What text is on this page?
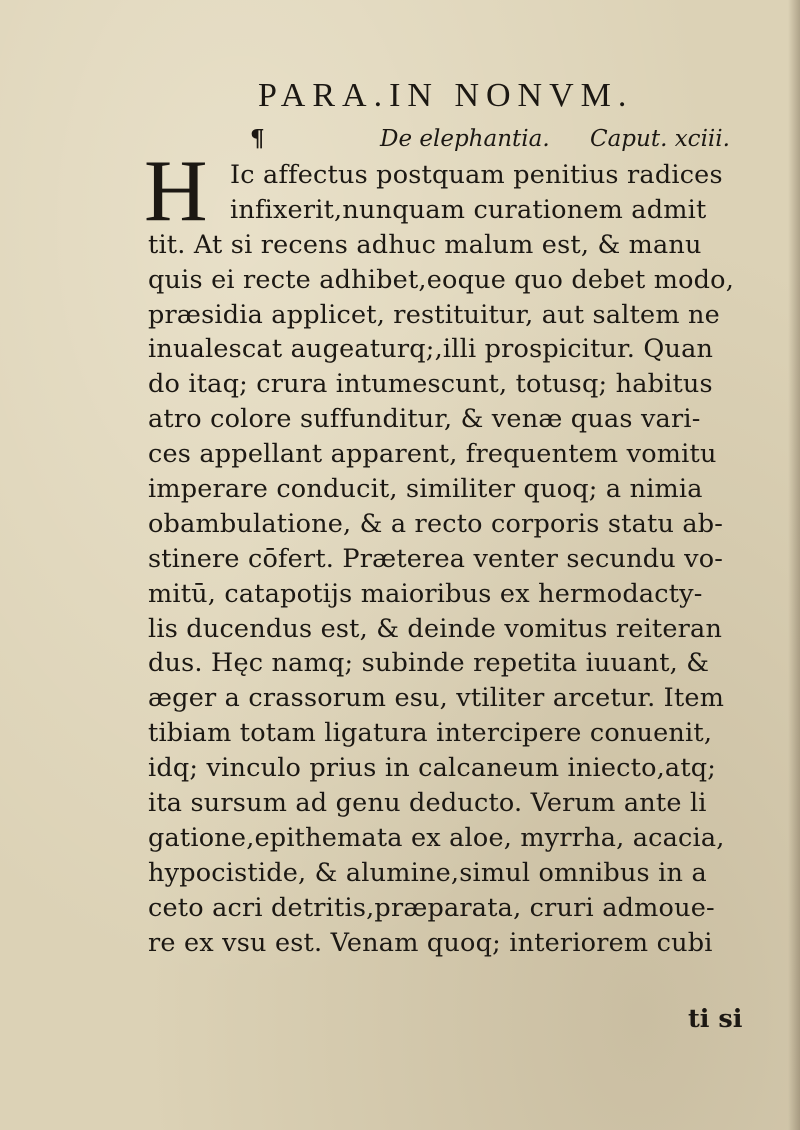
PARA.IN NONVM.
¶	De elephantia. Caput. xciii.
H Ic affectus postquam penitius radices
infixerit,nunquam curationem admit
tit. At si recens adhuc malum est, & manu
quis ei recte adhibet,eoque quo debet modo,
præsidia applicet, restituitur, aut saltem ne
inualescat augeaturq;,illi prospicitur. Quan
do itaq; crura intumescunt, totusq; habitus
atro colore suffunditur, & venæ quas vari-
ces appellant apparent, frequentem vomitu
imperare conducit, similiter quoq; a nimia
obambulatione, & a recto corporis statu ab-
stinere cōfert. Præterea venter secundu vo-
mitū, catapotijs maioribus ex hermodacty-
lis ducendus est, & deinde vomitus reiteran
dus. Hęc namq; subinde repetita iuuant, &
æger a crassorum esu, vtiliter arcetur. Item
tibiam totam ligatura intercipere conuenit,
idq; vinculo prius in calcaneum iniecto,atq;
ita sursum ad genu deducto. Verum ante li
gatione,epithemata ex aloe, myrrha, acacia,
hypocistide, & alumine,simul omnibus in a
ceto acri detritis,præparata, cruri admoue-
re ex vsu est. Venam quoq; interiorem cubi
ti si
